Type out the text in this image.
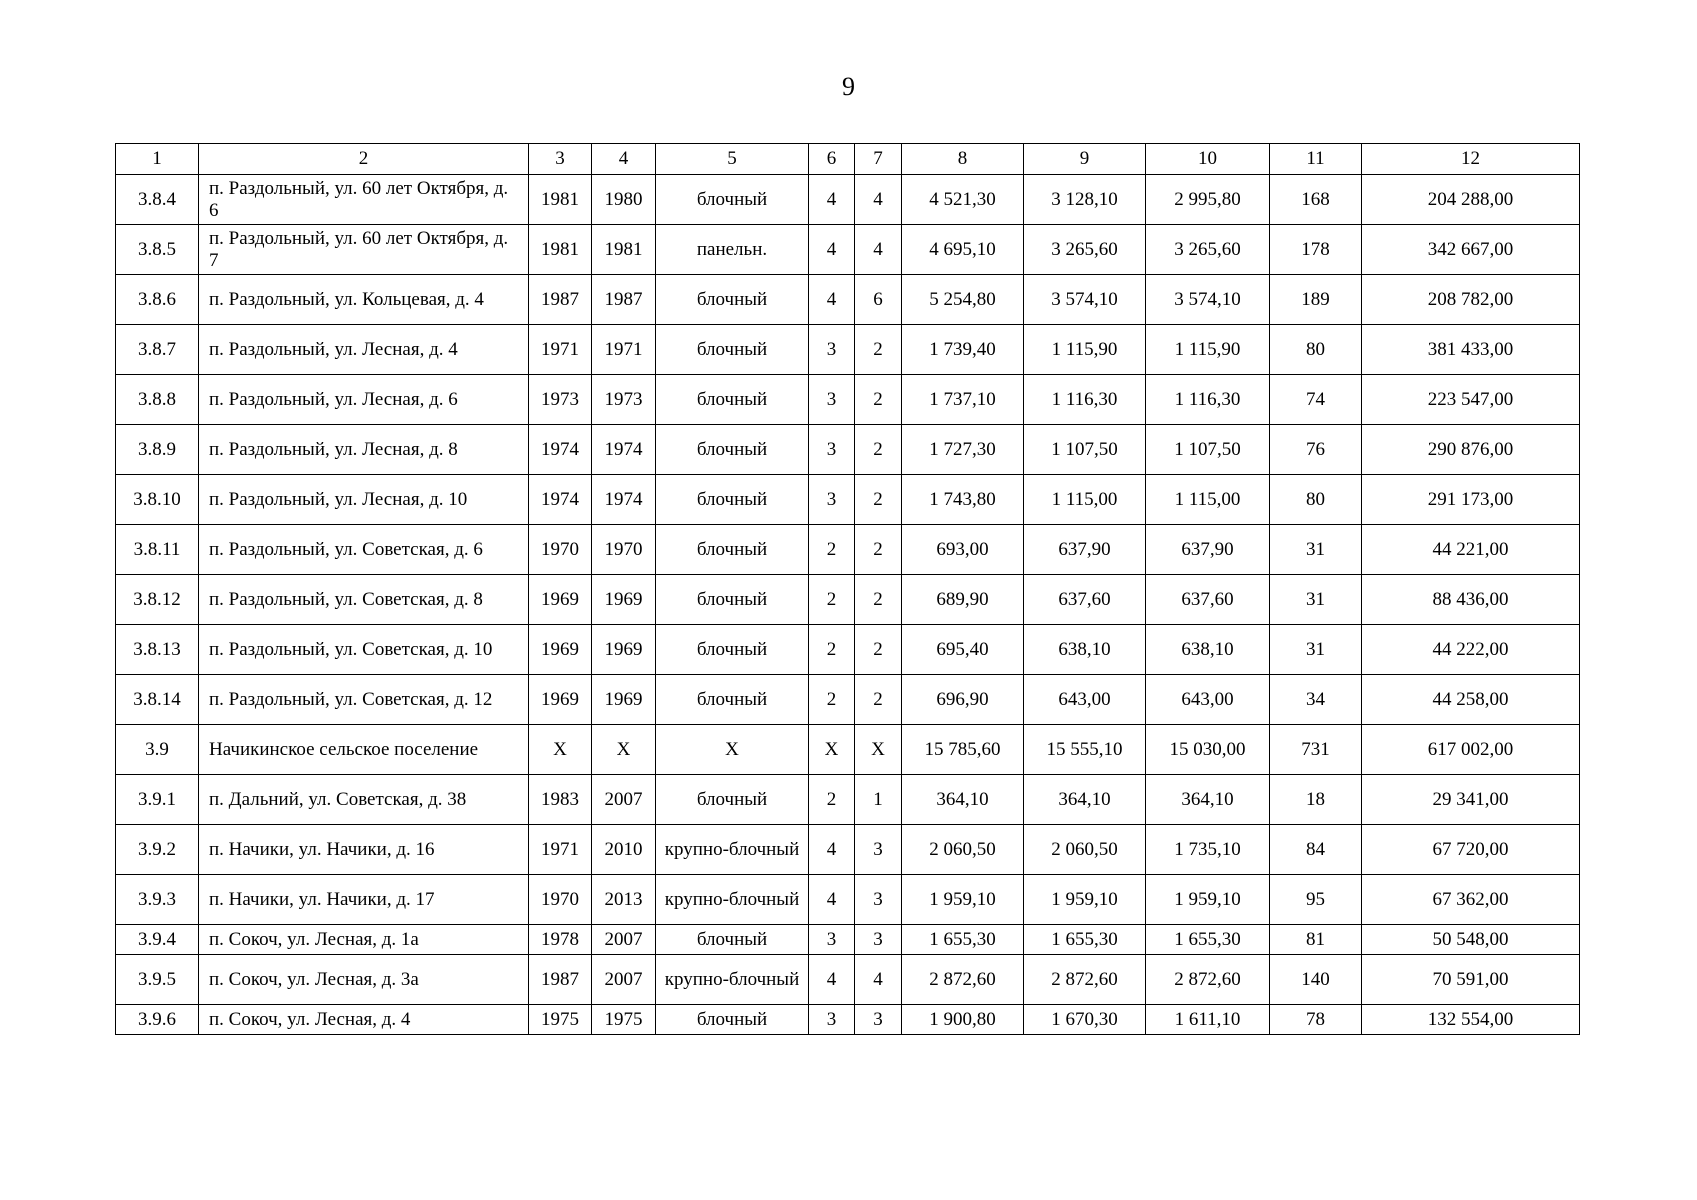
9
1	2	3	4	5	6	7	8	9	10	11	12
3.8.4	п. Раздольный, ул. 60 лет Октября, д. 6	1981	1980	блочный	4	4	4 521,30	3 128,10	2 995,80	168	204 288,00
3.8.5	п. Раздольный, ул. 60 лет Октября, д. 7	1981	1981	панельн.	4	4	4 695,10	3 265,60	3 265,60	178	342 667,00
3.8.6	п. Раздольный, ул. Кольцевая, д. 4	1987	1987	блочный	4	6	5 254,80	3 574,10	3 574,10	189	208 782,00
3.8.7	п. Раздольный, ул. Лесная, д. 4	1971	1971	блочный	3	2	1 739,40	1 115,90	1 115,90	80	381 433,00
3.8.8	п. Раздольный, ул. Лесная, д. 6	1973	1973	блочный	3	2	1 737,10	1 116,30	1 116,30	74	223 547,00
3.8.9	п. Раздольный, ул. Лесная, д. 8	1974	1974	блочный	3	2	1 727,30	1 107,50	1 107,50	76	290 876,00
3.8.10	п. Раздольный, ул. Лесная, д. 10	1974	1974	блочный	3	2	1 743,80	1 115,00	1 115,00	80	291 173,00
3.8.11	п. Раздольный, ул. Советская, д. 6	1970	1970	блочный	2	2	693,00	637,90	637,90	31	44 221,00
3.8.12	п. Раздольный, ул. Советская, д. 8	1969	1969	блочный	2	2	689,90	637,60	637,60	31	88 436,00
3.8.13	п. Раздольный, ул. Советская, д. 10	1969	1969	блочный	2	2	695,40	638,10	638,10	31	44 222,00
3.8.14	п. Раздольный, ул. Советская, д. 12	1969	1969	блочный	2	2	696,90	643,00	643,00	34	44 258,00
3.9	Начикинское сельское поселение	X	X	X	X	X	15 785,60	15 555,10	15 030,00	731	617 002,00
3.9.1	п. Дальний, ул. Советская, д. 38	1983	2007	блочный	2	1	364,10	364,10	364,10	18	29 341,00
3.9.2	п. Начики, ул. Начики, д. 16	1971	2010	крупно-блочный	4	3	2 060,50	2 060,50	1 735,10	84	67 720,00
3.9.3	п. Начики, ул. Начики, д. 17	1970	2013	крупно-блочный	4	3	1 959,10	1 959,10	1 959,10	95	67 362,00
3.9.4	п. Сокоч, ул. Лесная, д. 1а	1978	2007	блочный	3	3	1 655,30	1 655,30	1 655,30	81	50 548,00
3.9.5	п. Сокоч, ул. Лесная, д. 3а	1987	2007	крупно-блочный	4	4	2 872,60	2 872,60	2 872,60	140	70 591,00
3.9.6	п. Сокоч, ул. Лесная, д. 4	1975	1975	блочный	3	3	1 900,80	1 670,30	1 611,10	78	132 554,00
